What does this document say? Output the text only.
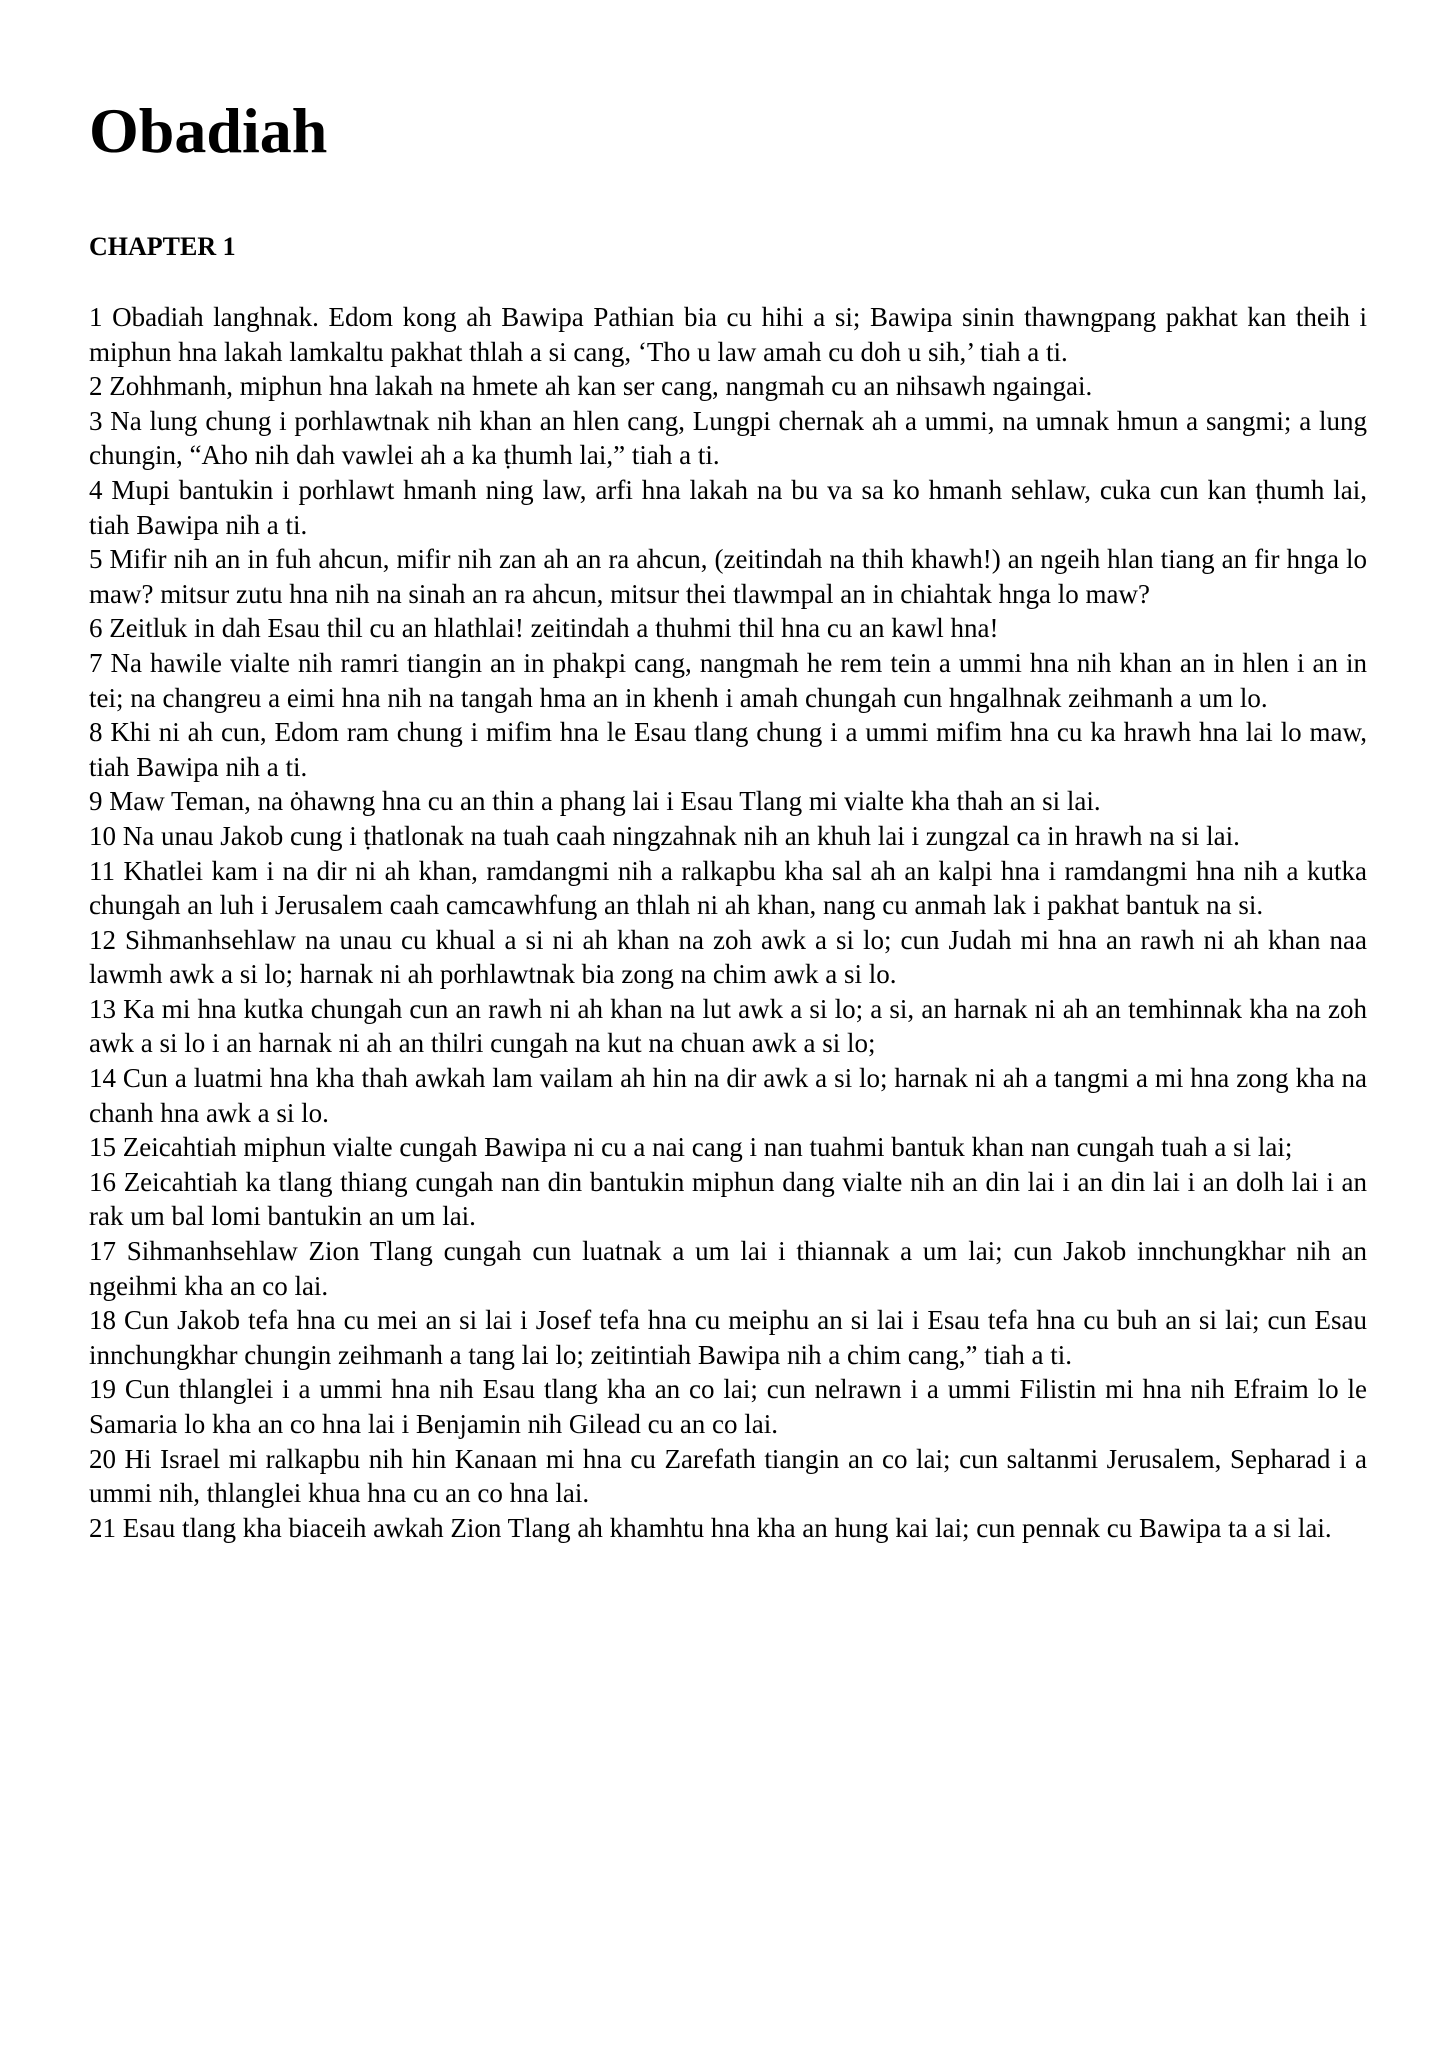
Obadiah
CHAPTER 1

1 Obadiah langhnak. Edom kong ah Bawipa Pathian bia cu hihi a si; Bawipa sinin thawngpang pakhat kan theih i miphun hna lakah lamkaltu pakhat thlah a si cang, ‘Tho u law amah cu doh u sih,’ tiah a ti.

2 Zohhmanh, miphun hna lakah na hmete ah kan ser cang, nangmah cu an nihsawh ngaingai.

3 Na lung chung i porhlawtnak nih khan an hlen cang, Lungpi chernak ah a ummi, na umnak hmun a sangmi; a lung chungin, “Aho nih dah vawlei ah a ka ṭhumh lai,” tiah a ti.

4 Mupi bantukin i porhlawt hmanh ning law, arfi hna lakah na bu va sa ko hmanh sehlaw, cuka cun kan ṭhumh lai, tiah Bawipa nih a ti.

5 Mifir nih an in fuh ahcun, mifir nih zan ah an ra ahcun, (zeitindah na thih khawh!) an ngeih hlan tiang an fir hnga lo maw? mitsur zutu hna nih na sinah an ra ahcun, mitsur thei tlawmpal an in chiahtak hnga lo maw?

6 Zeitluk in dah Esau thil cu an hlathlai! zeitindah a thuhmi thil hna cu an kawl hna!

7 Na hawile vialte nih ramri tiangin an in phakpi cang, nangmah he rem tein a ummi hna nih khan an in hlen i an in tei; na changreu a eimi hna nih na tangah hma an in khenh i amah chungah cun hngalhnak zeihmanh a um lo.

8 Khi ni ah cun, Edom ram chung i mifim hna le Esau tlang chung i a ummi mifim hna cu ka hrawh hna lai lo maw, tiah Bawipa nih a ti.

9 Maw Teman, na ȯhawng hna cu an thin a phang lai i Esau Tlang mi vialte kha thah an si lai.

10 Na unau Jakob cung i ṭhatlonak na tuah caah ningzahnak nih an khuh lai i zungzal ca in hrawh na si lai.

11 Khatlei kam i na dir ni ah khan, ramdangmi nih a ralkapbu kha sal ah an kalpi hna i ramdangmi hna nih a kutka chungah an luh i Jerusalem caah camcawhfung an thlah ni ah khan, nang cu anmah lak i pakhat bantuk na si.

12 Sihmanhsehlaw na unau cu khual a si ni ah khan na zoh awk a si lo; cun Judah mi hna an rawh ni ah khan naa lawmh awk a si lo; harnak ni ah porhlawtnak bia zong na chim awk a si lo.

13 Ka mi hna kutka chungah cun an rawh ni ah khan na lut awk a si lo; a si, an harnak ni ah an temhinnak kha na zoh awk a si lo i an harnak ni ah an thilri cungah na kut na chuan awk a si lo;

14 Cun a luatmi hna kha thah awkah lam vailam ah hin na dir awk a si lo; harnak ni ah a tangmi a mi hna zong kha na chanh hna awk a si lo.

15 Zeicahtiah miphun vialte cungah Bawipa ni cu a nai cang i nan tuahmi bantuk khan nan cungah tuah a si lai;

16 Zeicahtiah ka tlang thiang cungah nan din bantukin miphun dang vialte nih an din lai i an din lai i an dolh lai i an rak um bal lomi bantukin an um lai.

17 Sihmanhsehlaw Zion Tlang cungah cun luatnak a um lai i thiannak a um lai; cun Jakob innchungkhar nih an ngeihmi kha an co lai.

18 Cun Jakob tefa hna cu mei an si lai i Josef tefa hna cu meiphu an si lai i Esau tefa hna cu buh an si lai; cun Esau innchungkhar chungin zeihmanh a tang lai lo; zeitintiah Bawipa nih a chim cang,” tiah a ti.

19 Cun thlanglei i a ummi hna nih Esau tlang kha an co lai; cun nelrawn i a ummi Filistin mi hna nih Efraim lo le Samaria lo kha an co hna lai i Benjamin nih Gilead cu an co lai.

20 Hi Israel mi ralkapbu nih hin Kanaan mi hna cu Zarefath tiangin an co lai; cun saltanmi Jerusalem, Sepharad i a ummi nih, thlanglei khua hna cu an co hna lai.

21 Esau tlang kha biaceih awkah Zion Tlang ah khamhtu hna kha an hung kai lai; cun pennak cu Bawipa ta a si lai.
